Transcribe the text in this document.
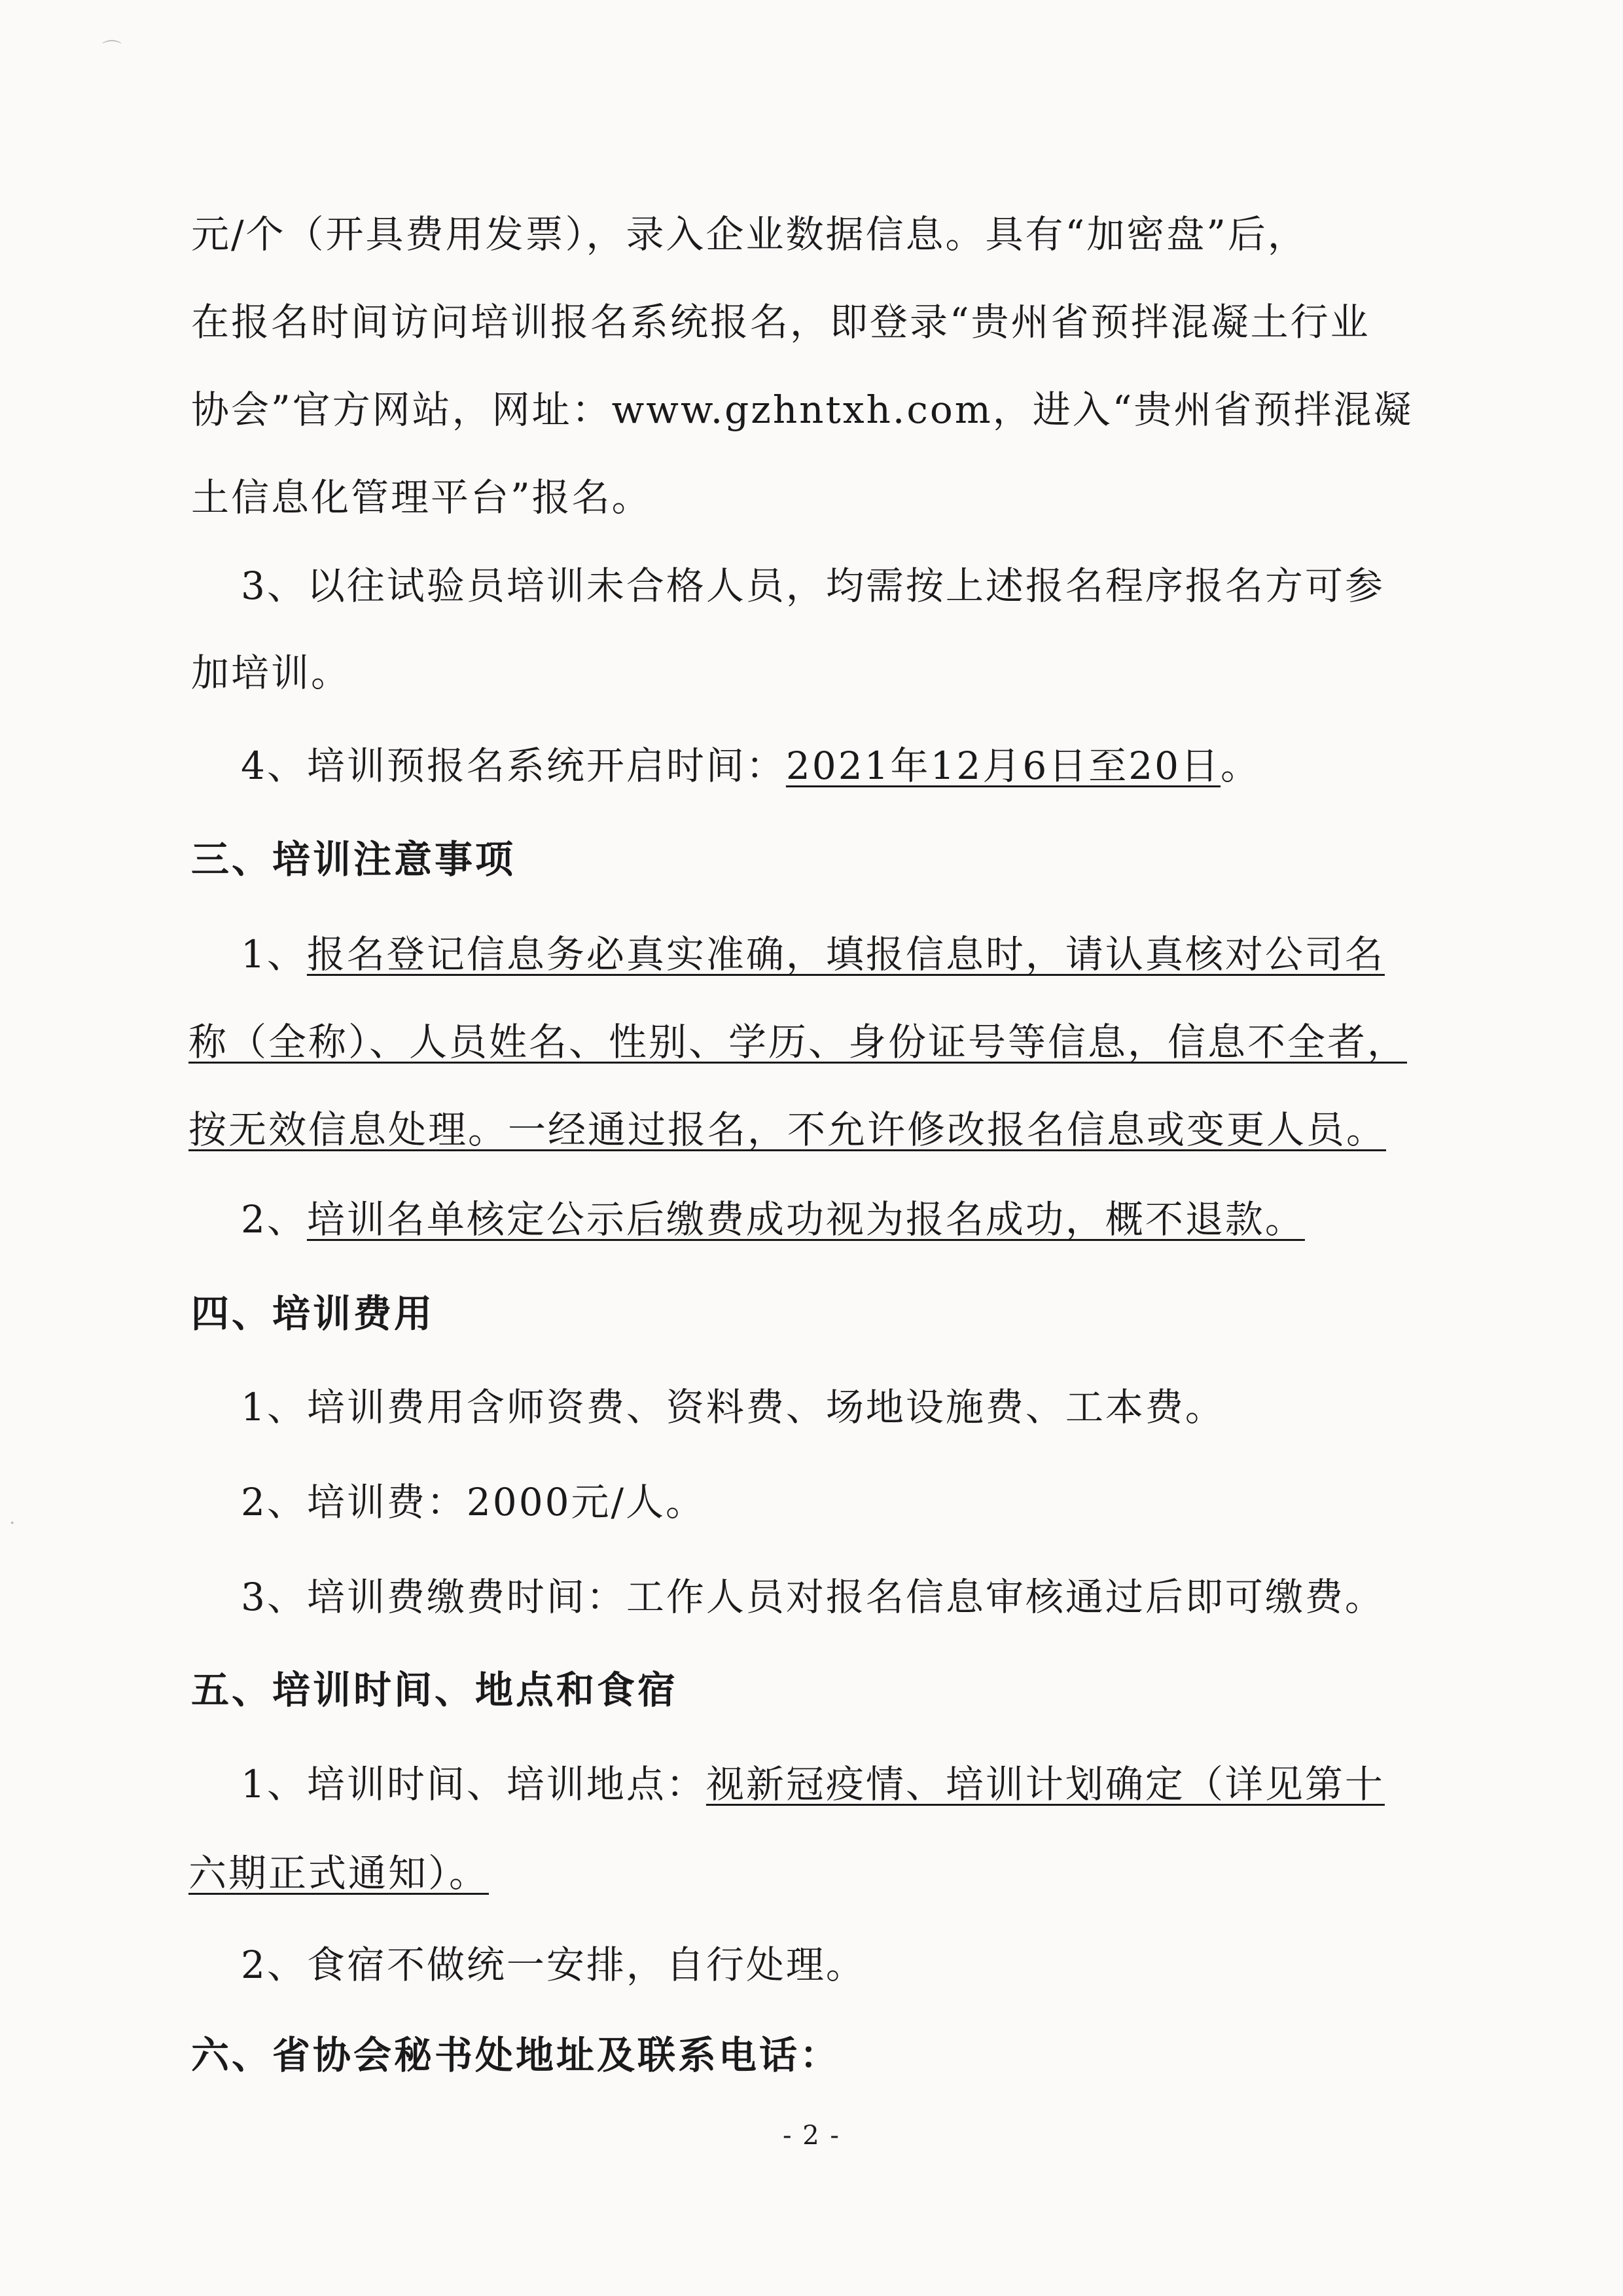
元/个（开具费用发票），录入企业数据信息。具有“加密盘”后，

在报名时间访问培训报名系统报名，即登录“贵州省预拌混凝土行业

协会”官方网站，网址：www.gzhntxh.com，进入“贵州省预拌混凝

土信息化管理平台”报名。

3、以往试验员培训未合格人员，均需按上述报名程序报名方可参

加培训。

4、培训预报名系统开启时间：2021年12月6日至20日。

三、培训注意事项

1、报名登记信息务必真实准确，填报信息时，请认真核对公司名

称（全称）、人员姓名、性别、学历、身份证号等信息，信息不全者，

按无效信息处理。一经通过报名，不允许修改报名信息或变更人员。

2、培训名单核定公示后缴费成功视为报名成功，概不退款。

四、培训费用

1、培训费用含师资费、资料费、场地设施费、工本费。

2、培训费：2000元/人。

3、培训费缴费时间：工作人员对报名信息审核通过后即可缴费。

五、培训时间、地点和食宿

1、培训时间、培训地点：视新冠疫情、培训计划确定（详见第十

六期正式通知）。

2、食宿不做统一安排，自行处理。

六、省协会秘书处地址及联系电话：

- 2 -
⌒
·
